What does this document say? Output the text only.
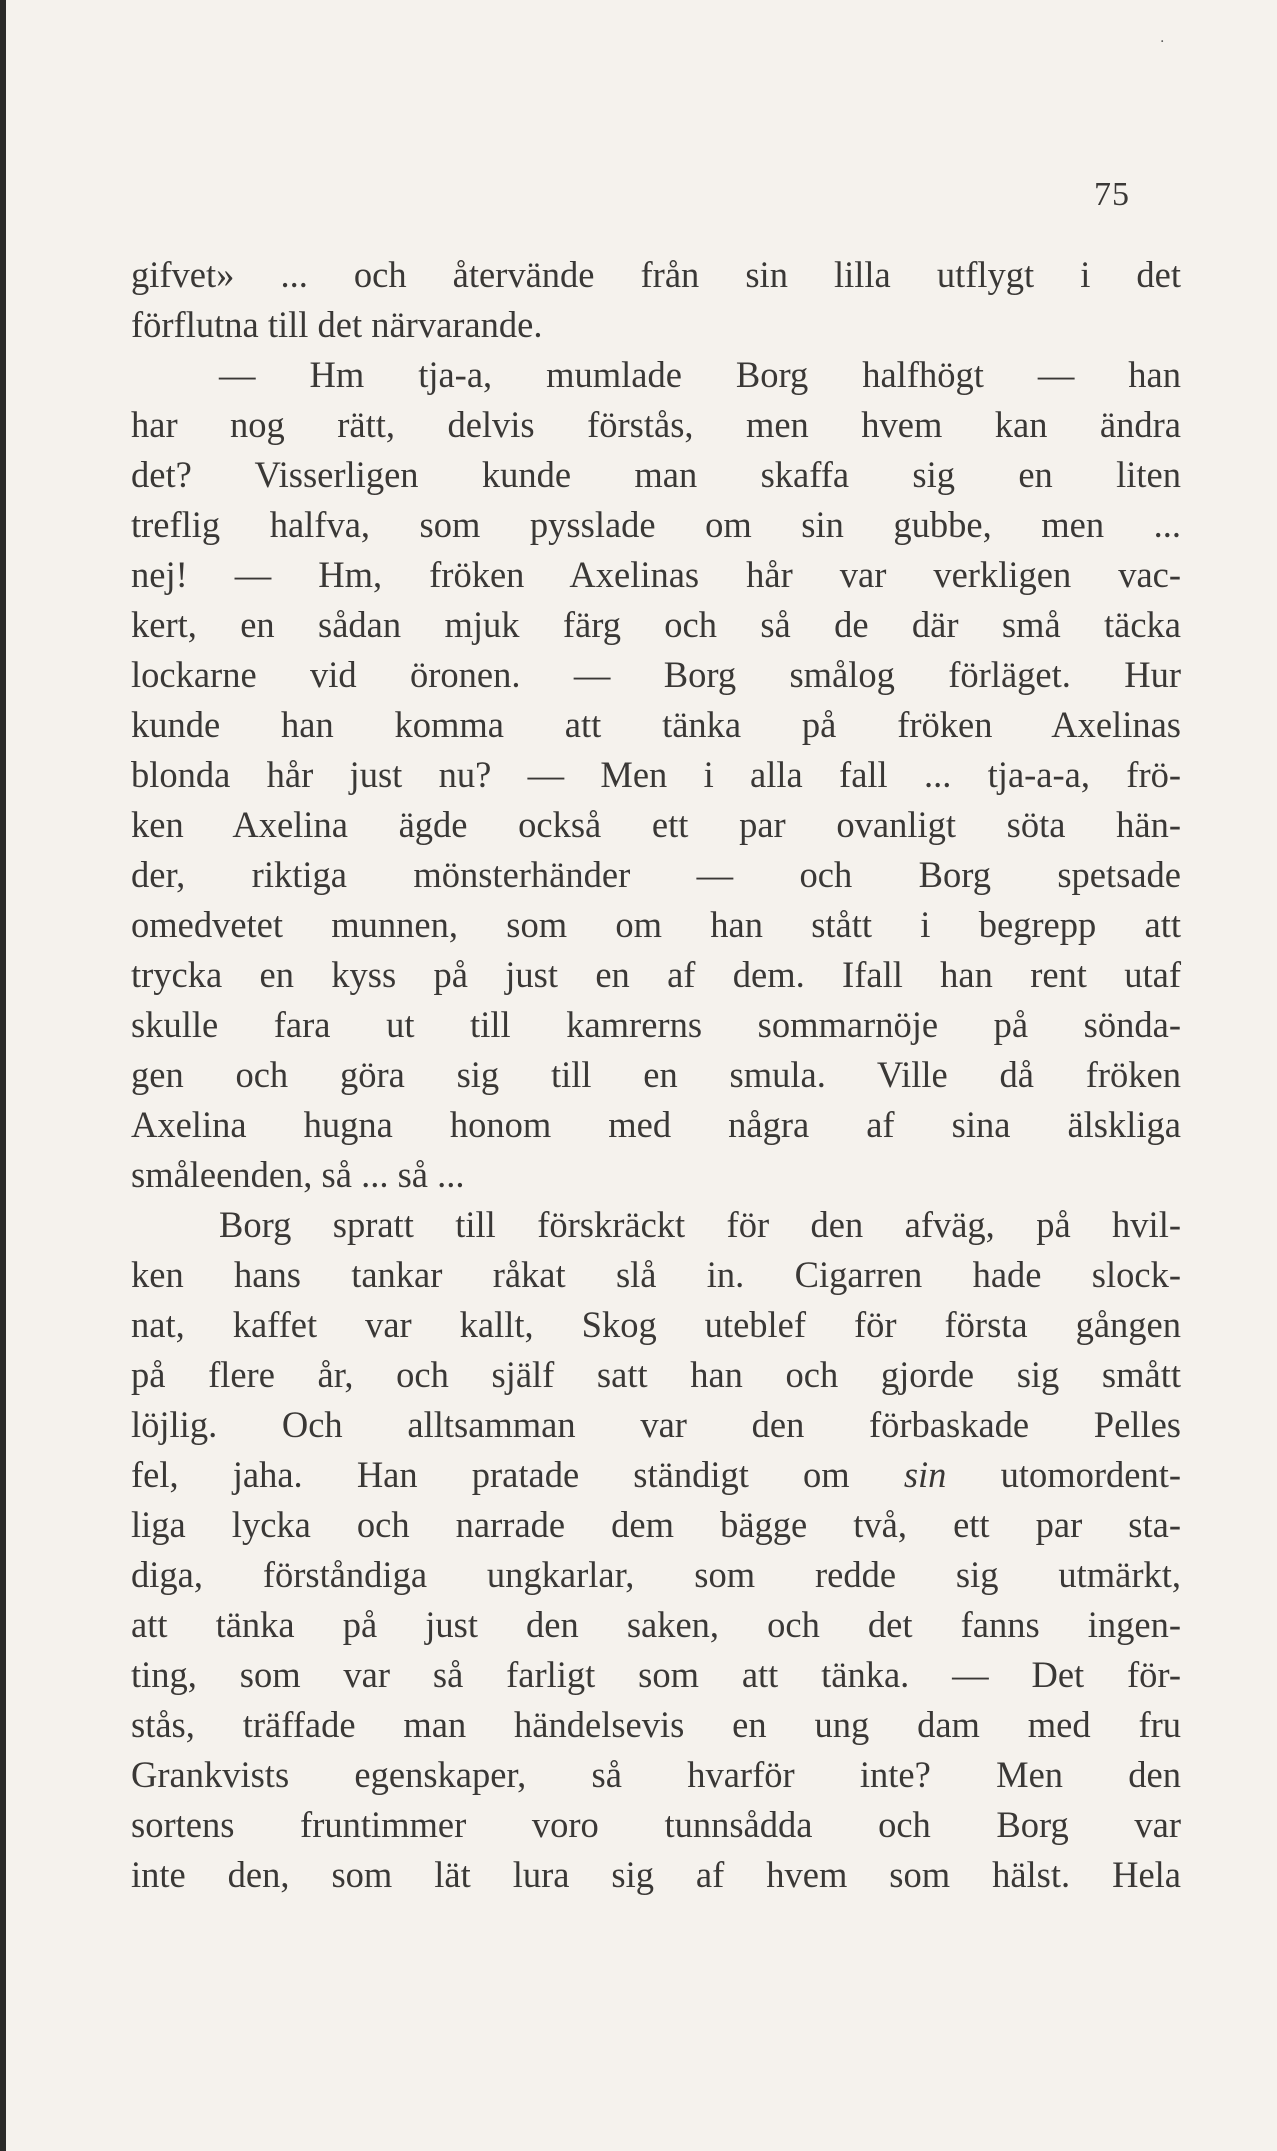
·
75
gifvet» ... och återvände från sin lilla utflygt i det
förflutna till det närvarande.
— Hm tja-a, mumlade Borg halfhögt — han
har nog rätt, delvis förstås, men hvem kan ändra
det? Visserligen kunde man skaffa sig en liten
treflig halfva, som pysslade om sin gubbe, men ...
nej! — Hm, fröken Axelinas hår var verkligen vac-
kert, en sådan mjuk färg och så de där små täcka
lockarne vid öronen. — Borg smålog förläget. Hur
kunde han komma att tänka på fröken Axelinas
blonda hår just nu? — Men i alla fall ... tja-a-a, frö-
ken Axelina ägde också ett par ovanligt söta hän-
der, riktiga mönsterhänder — och Borg spetsade
omedvetet munnen, som om han stått i begrepp att
trycka en kyss på just en af dem. Ifall han rent utaf
skulle fara ut till kamrerns sommarnöje på sönda-
gen och göra sig till en smula. Ville då fröken
Axelina hugna honom med några af sina älskliga
småleenden, så ... så ...
Borg spratt till förskräckt för den afväg, på hvil-
ken hans tankar råkat slå in. Cigarren hade slock-
nat, kaffet var kallt, Skog uteblef för första gången
på flere år, och själf satt han och gjorde sig smått
löjlig. Och alltsamman var den förbaskade Pelles
fel, jaha. Han pratade ständigt om sin utomordent-
liga lycka och narrade dem bägge två, ett par sta-
diga, förståndiga ungkarlar, som redde sig utmärkt,
att tänka på just den saken, och det fanns ingen-
ting, som var så farligt som att tänka. — Det för-
stås, träffade man händelsevis en ung dam med fru
Grankvists egenskaper, så hvarför inte? Men den
sortens fruntimmer voro tunnsådda och Borg var
inte den, som lät lura sig af hvem som hälst. Hela
